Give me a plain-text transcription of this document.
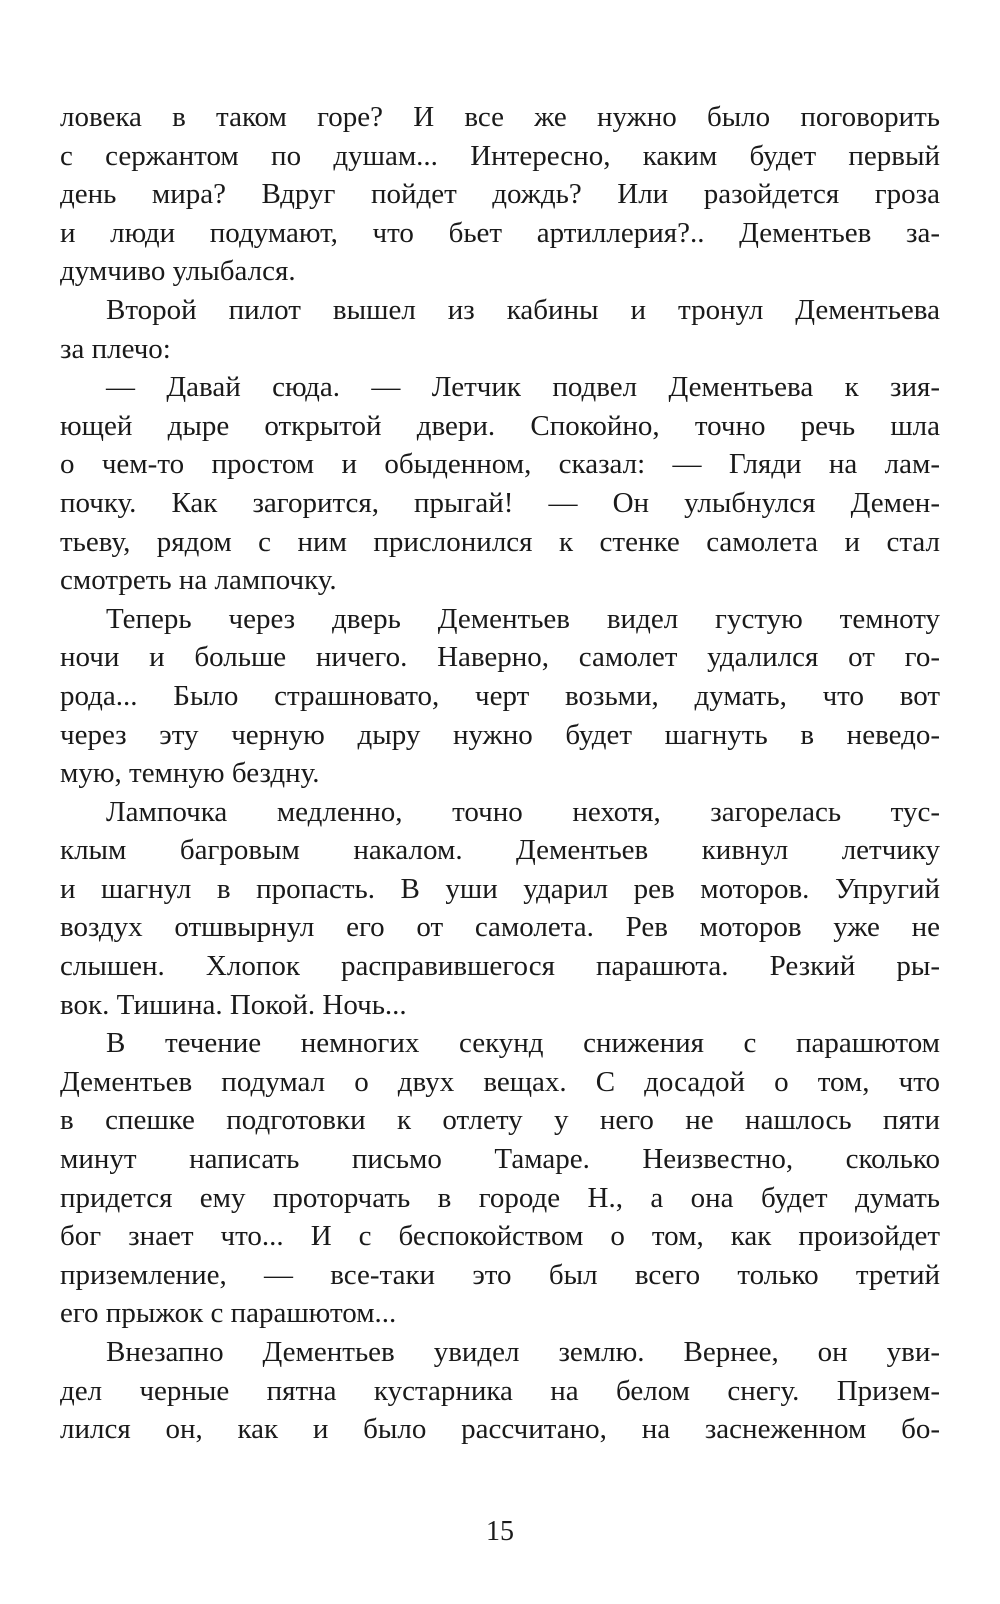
ловека в таком горе? И все же нужно было поговорить
с сержантом по душам... Интересно, каким будет первый
день мира? Вдруг пойдет дождь? Или разойдется гроза
и люди подумают, что бьет артиллерия?.. Дементьев за-
думчиво улыбался.
Второй пилот вышел из кабины и тронул Дементьева
за плечо:
— Давай сюда. — Летчик подвел Дементьева к зия-
ющей дыре открытой двери. Спокойно, точно речь шла
о чем-то простом и обыденном, сказал: — Гляди на лам-
почку. Как загорится, прыгай! — Он улыбнулся Демен-
тьеву, рядом с ним прислонился к стенке самолета и стал
смотреть на лампочку.
Теперь через дверь Дементьев видел густую темноту
ночи и больше ничего. Наверно, самолет удалился от го-
рода... Было страшновато, черт возьми, думать, что вот
через эту черную дыру нужно будет шагнуть в неведо-
мую, темную бездну.
Лампочка медленно, точно нехотя, загорелась тус-
клым багровым накалом. Дементьев кивнул летчику
и шагнул в пропасть. В уши ударил рев моторов. Упругий
воздух отшвырнул его от самолета. Рев моторов уже не
слышен. Хлопок расправившегося парашюта. Резкий ры-
вок. Тишина. Покой. Ночь...
В течение немногих секунд снижения с парашютом
Дементьев подумал о двух вещах. С досадой о том, что
в спешке подготовки к отлету у него не нашлось пяти
минут написать письмо Тамаре. Неизвестно, сколько
придется ему проторчать в городе Н., а она будет думать
бог знает что... И с беспокойством о том, как произойдет
приземление, — все-таки это был всего только третий
его прыжок с парашютом...
Внезапно Дементьев увидел землю. Вернее, он уви-
дел черные пятна кустарника на белом снегу. Призем-
лился он, как и было рассчитано, на заснеженном бо-
15
